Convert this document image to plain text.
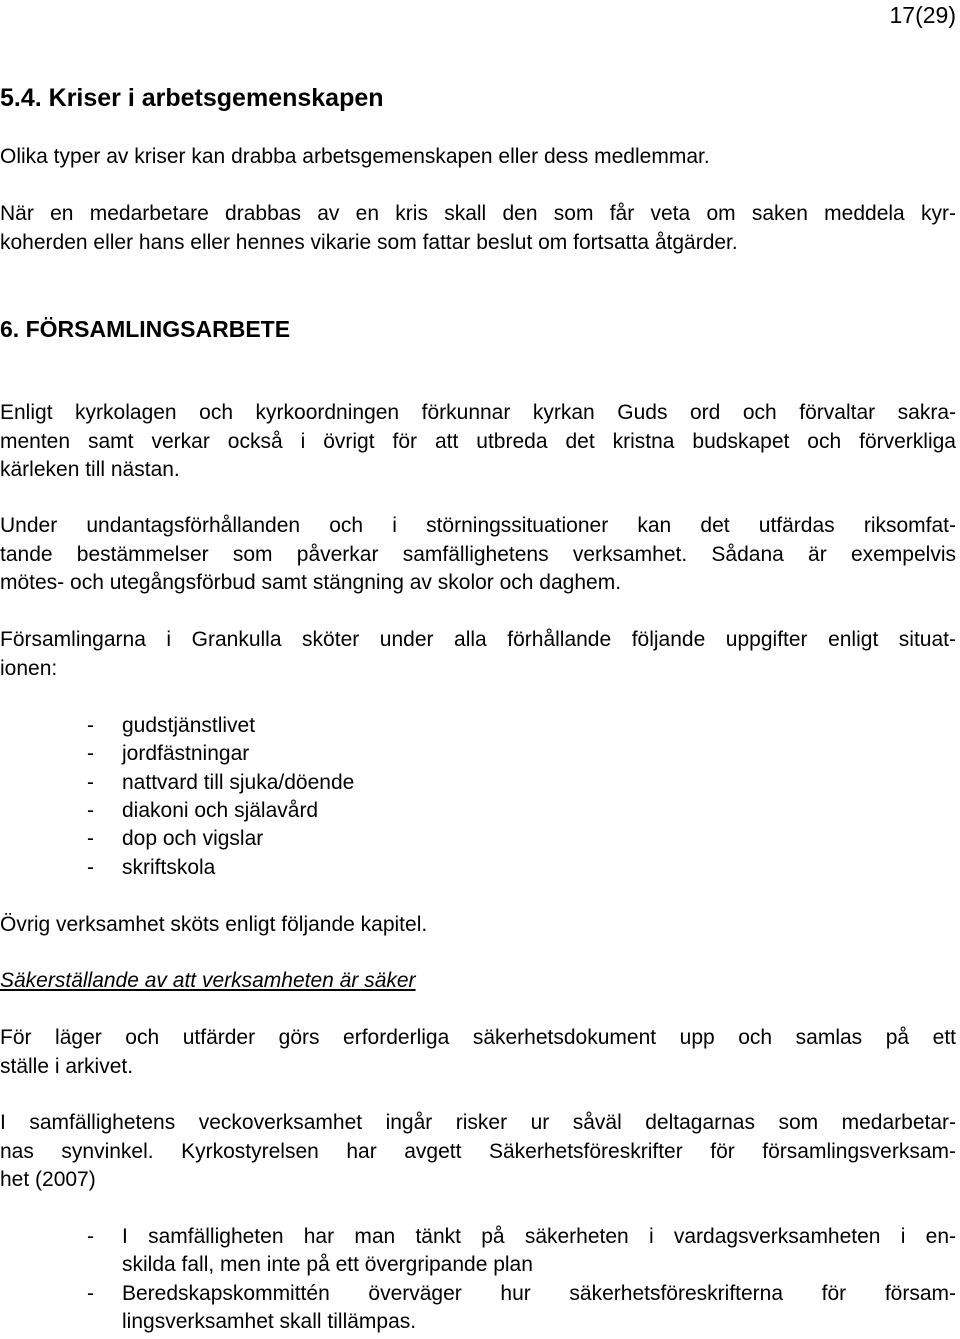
17(29)
5.4. Kriser i arbetsgemenskapen
Olika typer av kriser kan drabba arbetsgemenskapen eller dess medlemmar.
När en medarbetare drabbas av en kris skall den som får veta om saken meddela kyr-
koherden eller hans eller hennes vikarie som fattar beslut om fortsatta åtgärder.
6. FÖRSAMLINGSARBETE
Enligt kyrkolagen och kyrkoordningen förkunnar kyrkan Guds ord och förvaltar sakra-
menten samt verkar också i övrigt för att utbreda det kristna budskapet och förverkliga
kärleken till nästan.
Under undantagsförhållanden och i störningssituationer kan det utfärdas riksomfat-
tande bestämmelser som påverkar samfällighetens verksamhet. Sådana är exempelvis
mötes- och utegångsförbud samt stängning av skolor och daghem.
Församlingarna i Grankulla sköter under alla förhållande följande uppgifter enligt situat-
ionen:
- gudstjänstlivet
- jordfästningar
- nattvard till sjuka/döende
- diakoni och själavård
- dop och vigslar
- skriftskola
Övrig verksamhet sköts enligt följande kapitel.
Säkerställande av att verksamheten är säker
För läger och utfärder görs erforderliga säkerhetsdokument upp och samlas på ett
ställe i arkivet.
I samfällighetens veckoverksamhet ingår risker ur såväl deltagarnas som medarbetar-
nas synvinkel. Kyrkostyrelsen har avgett Säkerhetsföreskrifter för församlingsverksam-
het (2007)
- I samfälligheten har man tänkt på säkerheten i vardagsverksamheten i en-
skilda fall, men inte på ett övergripande plan
- Beredskapskommittén överväger hur säkerhetsföreskrifterna för försam-
lingsverksamhet skall tillämpas.
